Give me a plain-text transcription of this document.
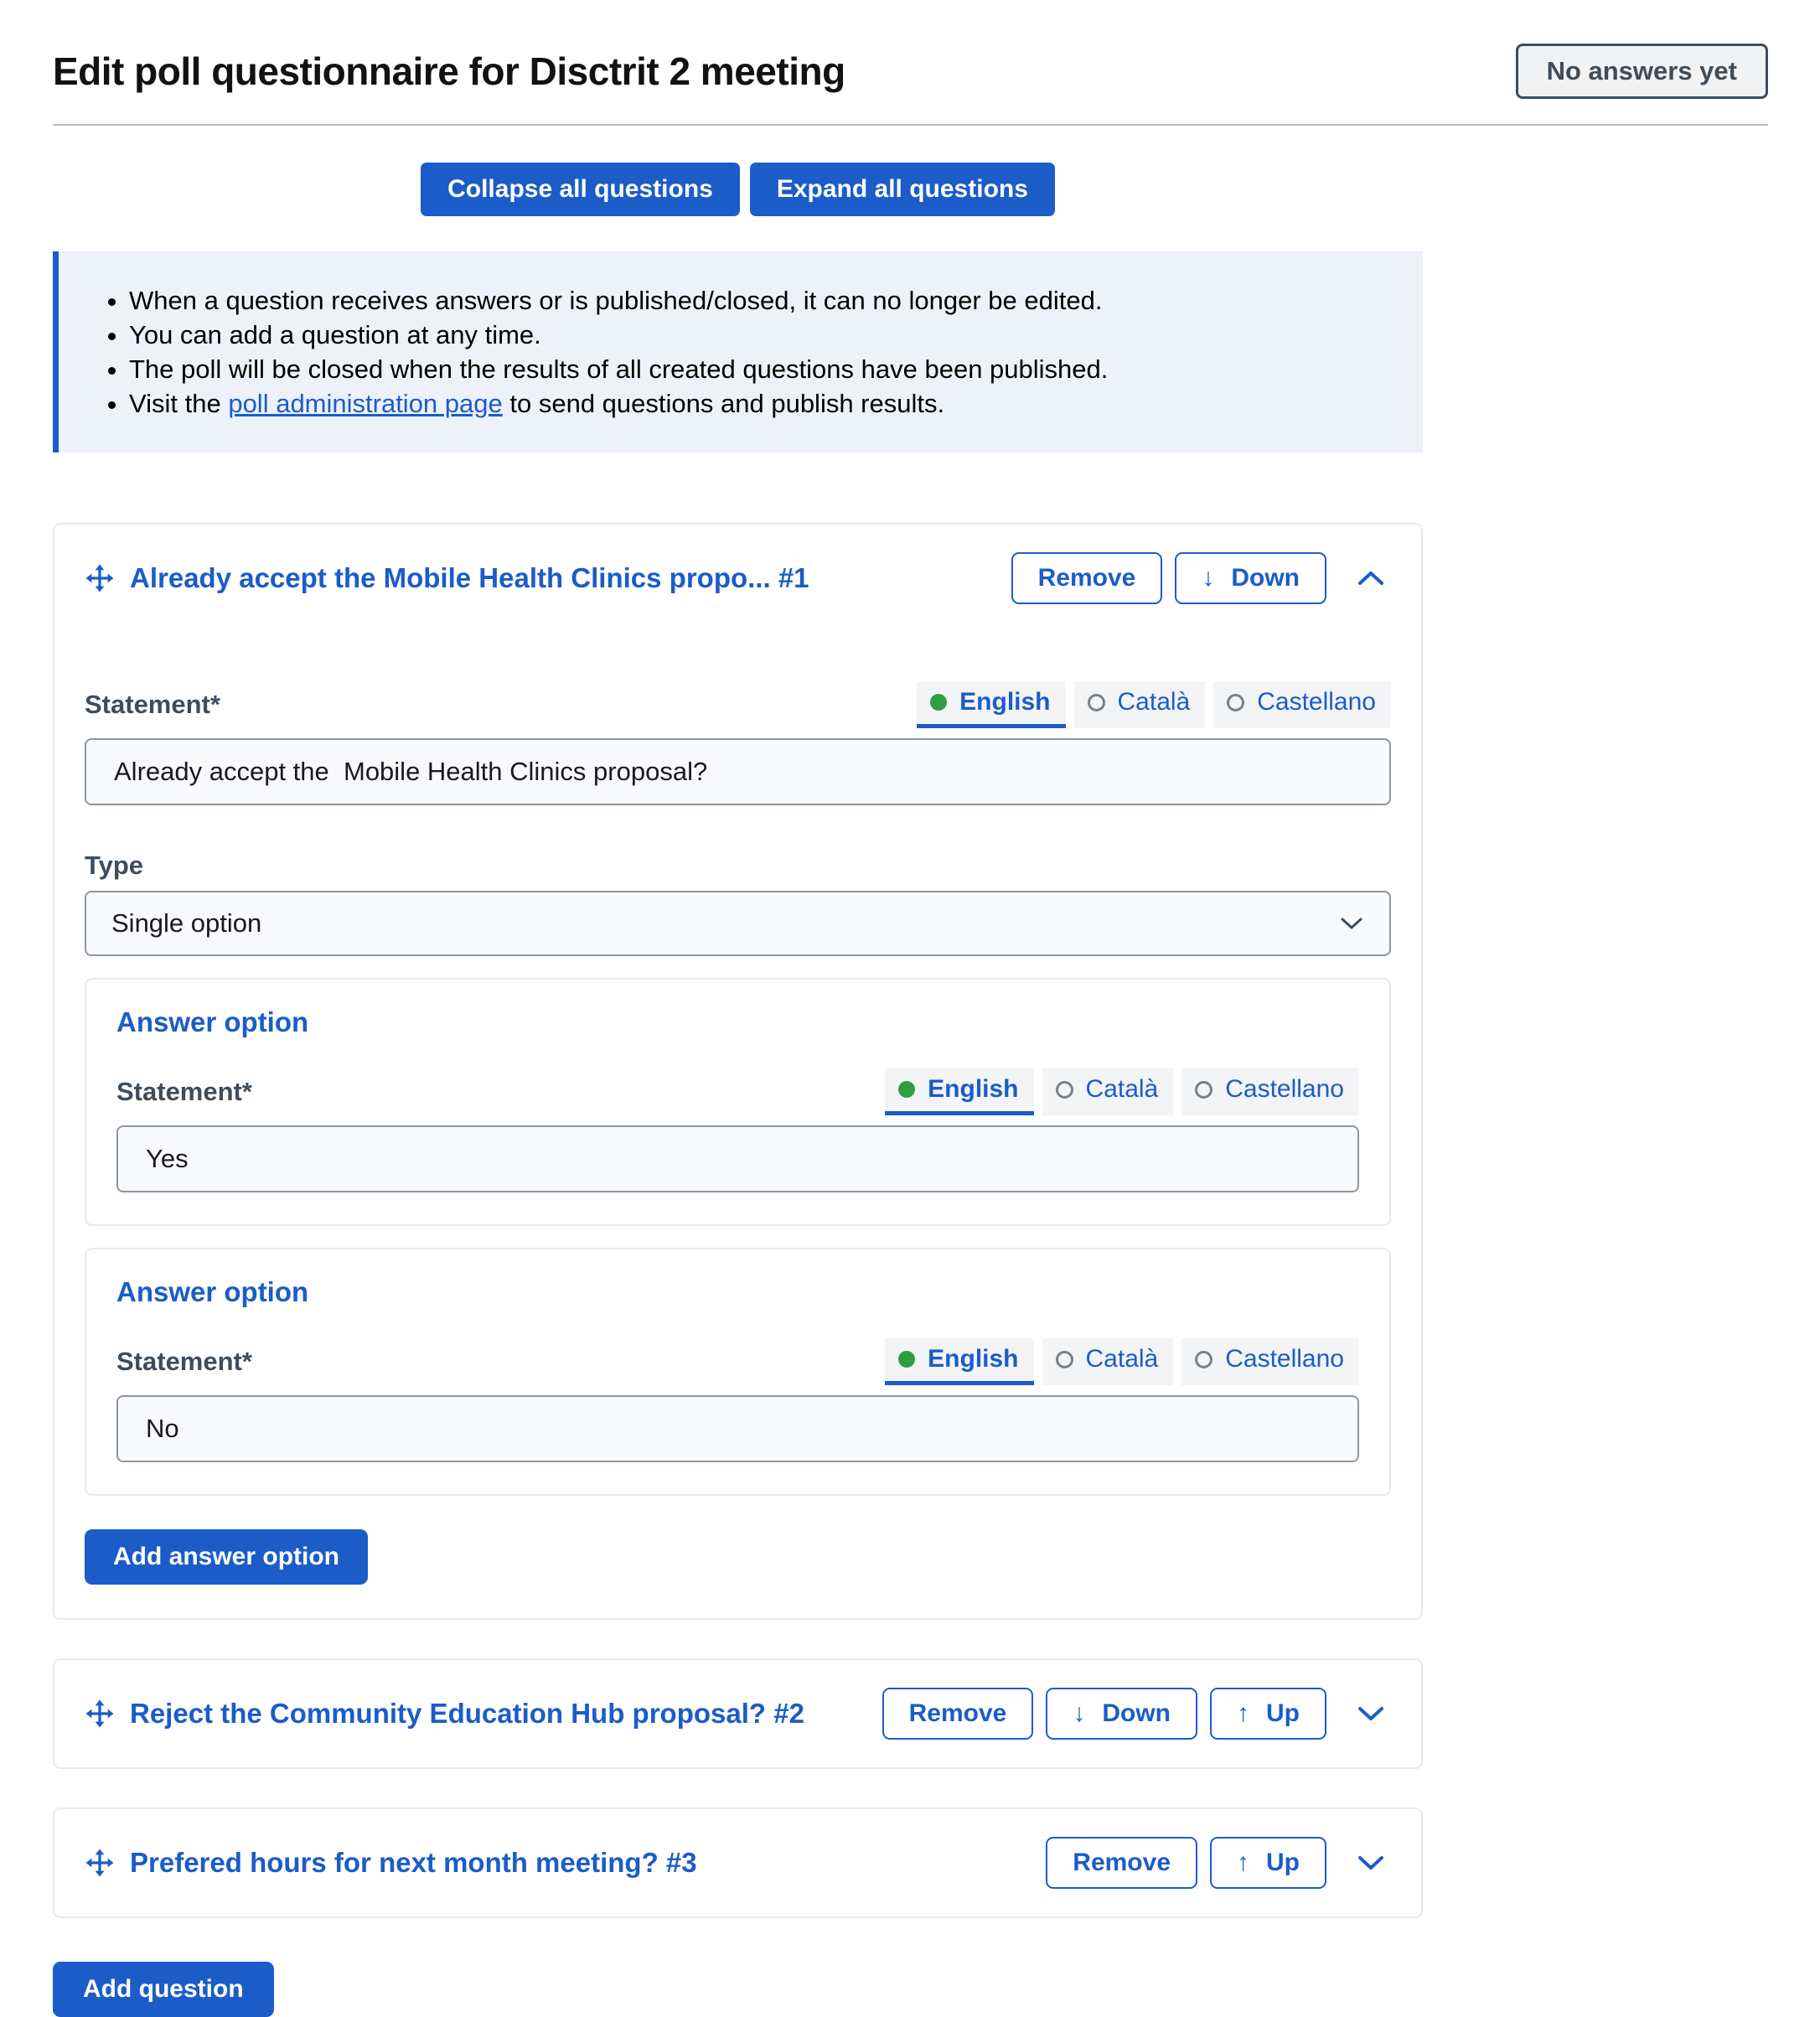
Edit poll questionnaire for Disctrit 2 meeting	No answers yet
Collapse all questions	Expand all questions
• When a question receives answers or is published/closed, it can no longer be edited.
• You can add a question at any time.
• The poll will be closed when the results of all created questions have been published.
• Visit the poll administration page to send questions and publish results.
Already accept the Mobile Health Clinics propo... #1	Remove	↓ Down
Statement*	English	Català	Castellano
Already accept the Mobile Health Clinics proposal?
Type
Single option
Answer option
Statement*	English	Català	Castellano
Yes
Answer option
Statement*	English	Català	Castellano
No
Add answer option
Reject the Community Education Hub proposal? #2	Remove	↓ Down	↑ Up
Prefered hours for next month meeting? #3	Remove	↑ Up
Add question
